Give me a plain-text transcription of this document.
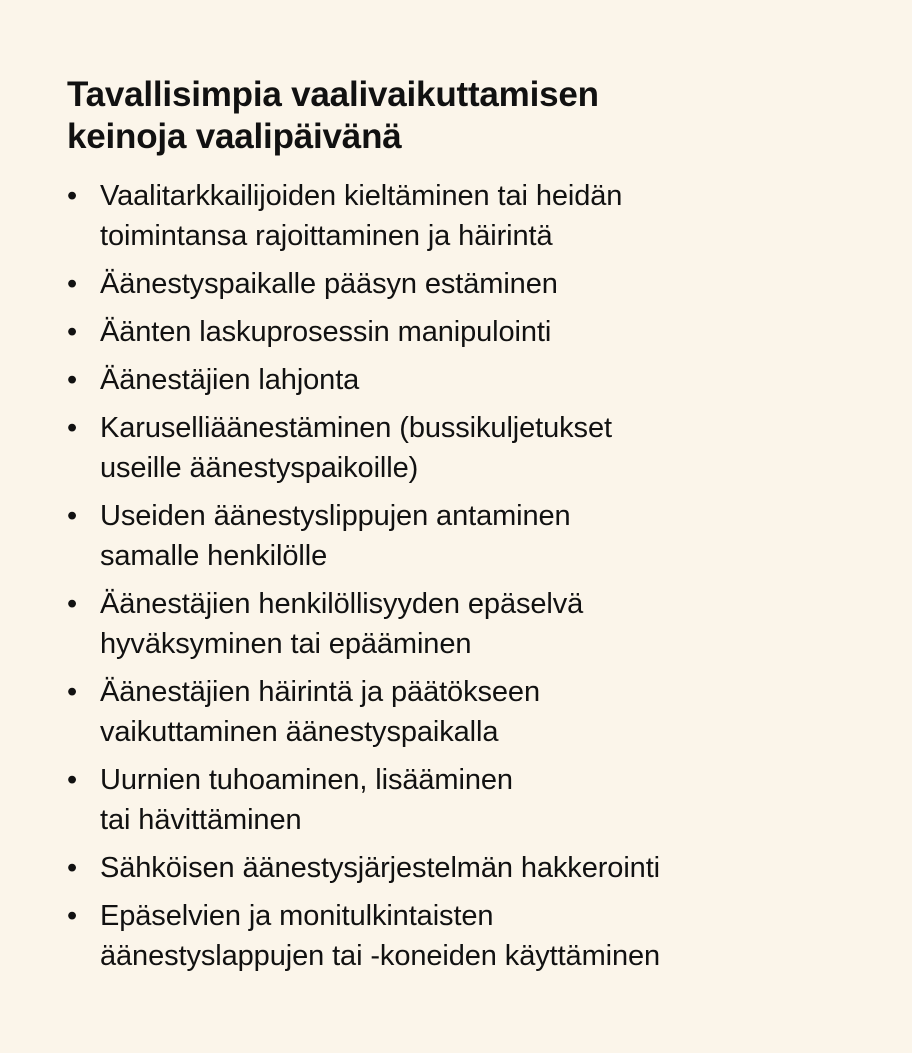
Tavallisimpia vaalivaikuttamisen
keinoja vaalipäivänä
• Vaalitarkkailijoiden kieltäminen tai heidän
toimintansa rajoittaminen ja häirintä
• Äänestyspaikalle pääsyn estäminen
• Äänten laskuprosessin manipulointi
• Äänestäjien lahjonta
• Karuselliäänestäminen (bussikuljetukset
useille äänestyspaikoille)
• Useiden äänestyslippujen antaminen
samalle henkilölle
• Äänestäjien henkilöllisyyden epäselvä
hyväksyminen tai epääminen
• Äänestäjien häirintä ja päätökseen
vaikuttaminen äänestyspaikalla
• Uurnien tuhoaminen, lisääminen
tai hävittäminen
• Sähköisen äänestysjärjestelmän hakkerointi
• Epäselvien ja monitulkintaisten
äänestyslappujen tai -koneiden käyttäminen
